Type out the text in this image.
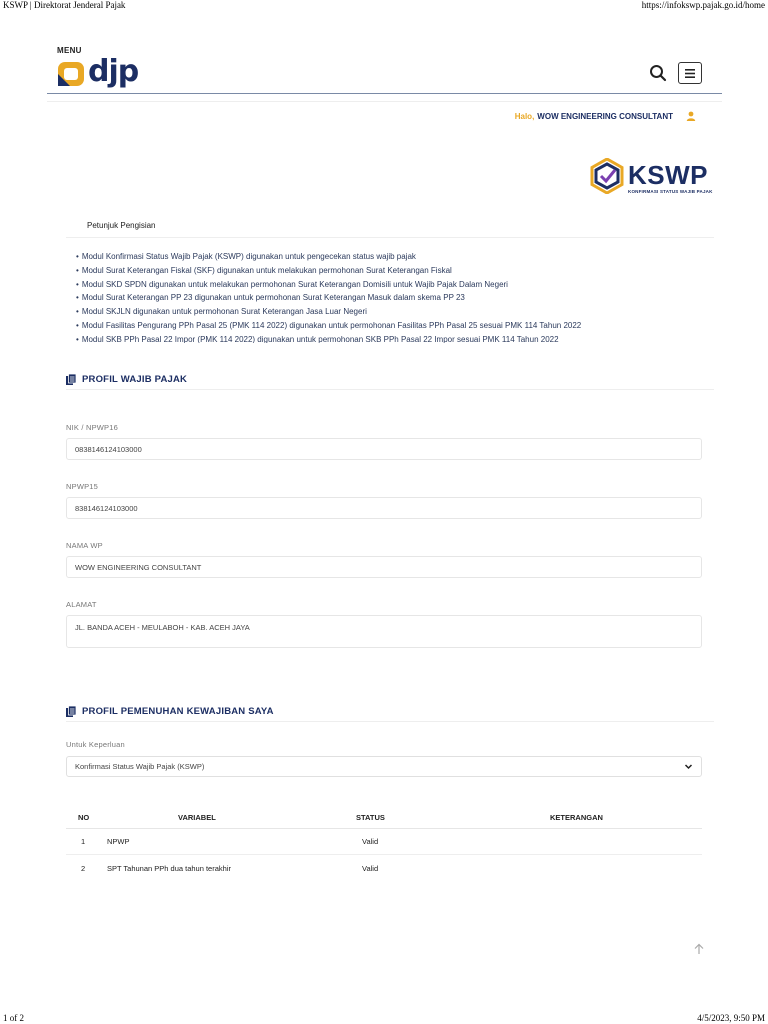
KSWP | Direktorat Jenderal Pajak	https://infokswp.pajak.go.id/home
MENU
djp
Halo, WOW ENGINEERING CONSULTANT
KSWP
KONFIRMASI STATUS WAJIB PAJAK
Petunjuk Pengisian
• Modul Konfirmasi Status Wajib Pajak (KSWP) digunakan untuk pengecekan status wajib pajak
• Modul Surat Keterangan Fiskal (SKF) digunakan untuk melakukan permohonan Surat Keterangan Fiskal
• Modul SKD SPDN digunakan untuk melakukan permohonan Surat Keterangan Domisili untuk Wajib Pajak Dalam Negeri
• Modul Surat Keterangan PP 23 digunakan untuk permohonan Surat Keterangan Masuk dalam skema PP 23
• Modul SKJLN digunakan untuk permohonan Surat Keterangan Jasa Luar Negeri
• Modul Fasilitas Pengurang PPh Pasal 25 (PMK 114 2022) digunakan untuk permohonan Fasilitas PPh Pasal 25 sesuai PMK 114 Tahun 2022
• Modul SKB PPh Pasal 22 Impor (PMK 114 2022) digunakan untuk permohonan SKB PPh Pasal 22 Impor sesuai PMK 114 Tahun 2022
PROFIL WAJIB PAJAK
NIK / NPWP16
0838146124103000
NPWP15
838146124103000
NAMA WP
WOW ENGINEERING CONSULTANT
ALAMAT
JL. BANDA ACEH - MEULABOH - KAB. ACEH JAYA
PROFIL PEMENUHAN KEWAJIBAN SAYA
Untuk Keperluan
Konfirmasi Status Wajib Pajak (KSWP)
NO	VARIABEL	STATUS	KETERANGAN
1	NPWP	Valid
2	SPT Tahunan PPh dua tahun terakhir	Valid
1 of 2	4/5/2023, 9:50 PM
